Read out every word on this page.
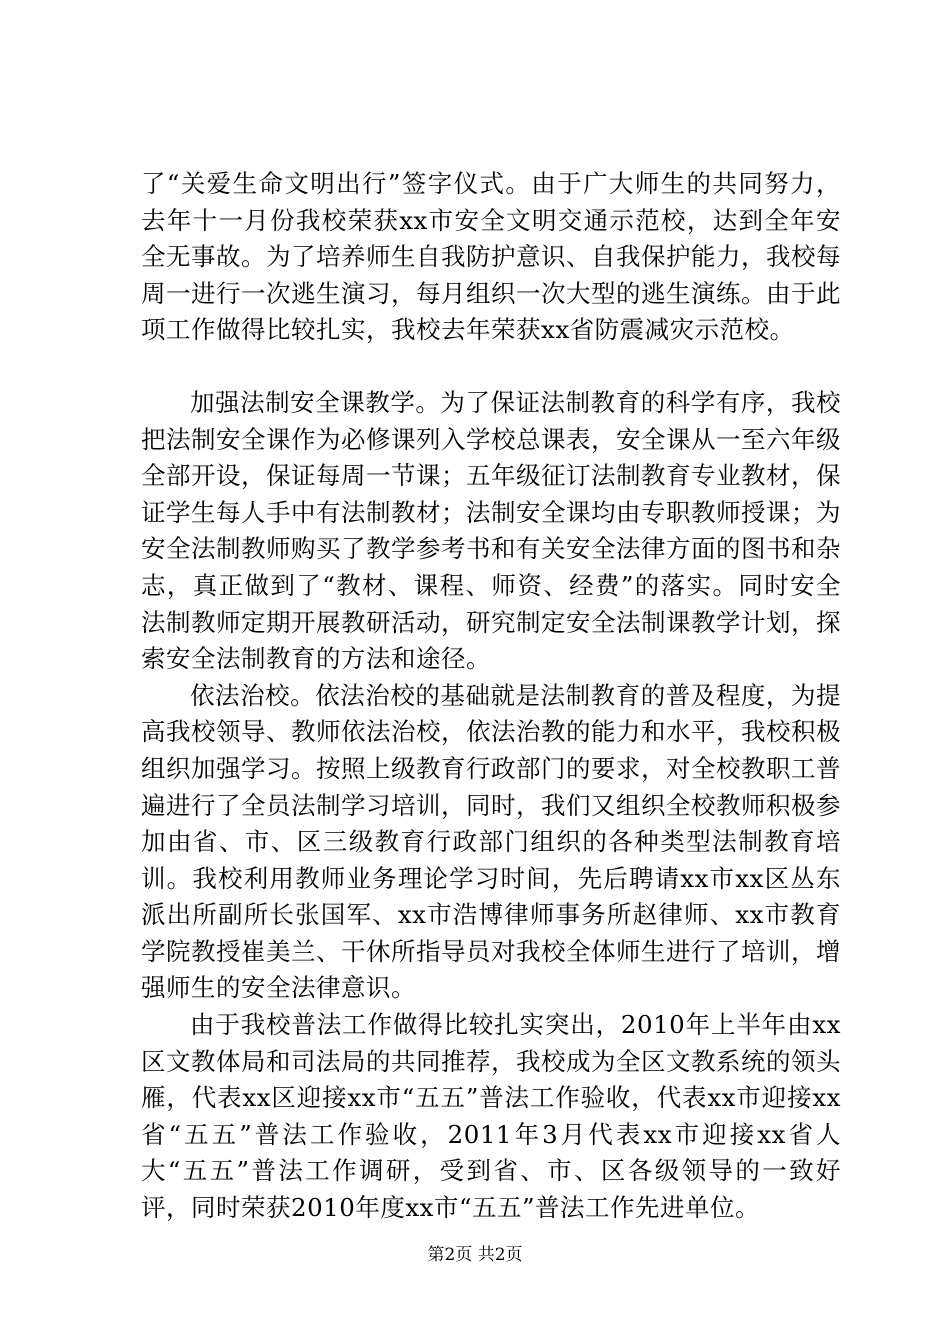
了“关爱生命文明出行”签字仪式。由于广大师生的共同努力，去年十一月份我校荣获xx市安全文明交通示范校，达到全年安全无事故。为了培养师生自我防护意识、自我保护能力，我校每周一进行一次逃生演习，每月组织一次大型的逃生演练。由于此项工作做得比较扎实，我校去年荣获xx省防震减灾示范校。

加强法制安全课教学。为了保证法制教育的科学有序，我校把法制安全课作为必修课列入学校总课表，安全课从一至六年级全部开设，保证每周一节课；五年级征订法制教育专业教材，保证学生每人手中有法制教材；法制安全课均由专职教师授课；为安全法制教师购买了教学参考书和有关安全法律方面的图书和杂志，真正做到了“教材、课程、师资、经费”的落实。同时安全法制教师定期开展教研活动，研究制定安全法制课教学计划，探索安全法制教育的方法和途径。

依法治校。依法治校的基础就是法制教育的普及程度，为提高我校领导、教师依法治校，依法治教的能力和水平，我校积极组织加强学习。按照上级教育行政部门的要求，对全校教职工普遍进行了全员法制学习培训，同时，我们又组织全校教师积极参加由省、市、区三级教育行政部门组织的各种类型法制教育培训。我校利用教师业务理论学习时间，先后聘请xx市xx区丛东派出所副所长张国军、xx市浩博律师事务所赵律师、xx市教育学院教授崔美兰、干休所指导员对我校全体师生进行了培训，增强师生的安全法律意识。

由于我校普法工作做得比较扎实突出，2010年上半年由xx区文教体局和司法局的共同推荐，我校成为全区文教系统的领头雁，代表xx区迎接xx市“五五”普法工作验收，代表xx市迎接xx省“五五”普法工作验收，2011年3月代表xx市迎接xx省人大“五五”普法工作调研，受到省、市、区各级领导的一致好评，同时荣获2010年度xx市“五五”普法工作先进单位。

第2页 共2页
